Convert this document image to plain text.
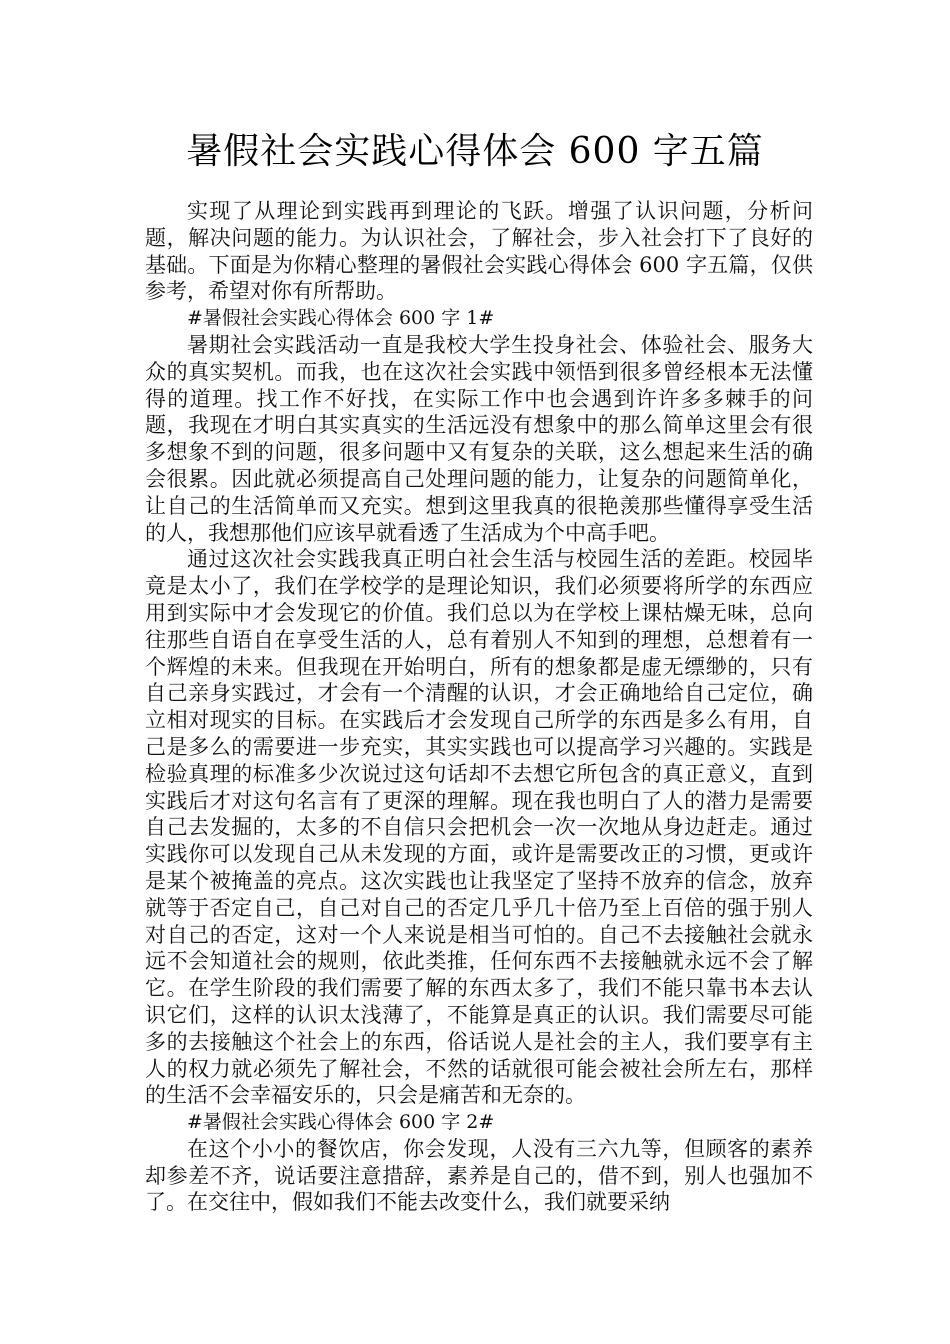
暑假社会实践心得体会 600 字五篇

实现了从理论到实践再到理论的飞跃。增强了认识问题，分析问题，解决问题的能力。为认识社会，了解社会，步入社会打下了良好的基础。下面是为你精心整理的暑假社会实践心得体会 600 字五篇，仅供参考，希望对你有所帮助。

#暑假社会实践心得体会 600 字 1#

暑期社会实践活动一直是我校大学生投身社会、体验社会、服务大众的真实契机。而我，也在这次社会实践中领悟到很多曾经根本无法懂得的道理。找工作不好找，在实际工作中也会遇到许许多多棘手的问题，我现在才明白其实真实的生活远没有想象中的那么简单这里会有很多想象不到的问题，很多问题中又有复杂的关联，这么想起来生活的确会很累。因此就必须提高自己处理问题的能力，让复杂的问题简单化，让自己的生活简单而又充实。想到这里我真的很艳羡那些懂得享受生活的人，我想那他们应该早就看透了生活成为个中高手吧。

通过这次社会实践我真正明白社会生活与校园生活的差距。校园毕竟是太小了，我们在学校学的是理论知识，我们必须要将所学的东西应用到实际中才会发现它的价值。我们总以为在学校上课枯燥无味，总向往那些自语自在享受生活的人，总有着别人不知到的理想，总想着有一个辉煌的未来。但我现在开始明白，所有的想象都是虚无缥缈的，只有自己亲身实践过，才会有一个清醒的认识，才会正确地给自己定位，确立相对现实的目标。在实践后才会发现自己所学的东西是多么有用，自己是多么的需要进一步充实，其实实践也可以提高学习兴趣的。实践是检验真理的标准多少次说过这句话却不去想它所包含的真正意义，直到实践后才对这句名言有了更深的理解。现在我也明白了人的潜力是需要自己去发掘的，太多的不自信只会把机会一次一次地从身边赶走。通过实践你可以发现自己从未发现的方面，或许是需要改正的习惯，更或许是某个被掩盖的亮点。这次实践也让我坚定了坚持不放弃的信念，放弃就等于否定自己，自己对自己的否定几乎几十倍乃至上百倍的强于别人对自己的否定，这对一个人来说是相当可怕的。自己不去接触社会就永远不会知道社会的规则，依此类推，任何东西不去接触就永远不会了解它。在学生阶段的我们需要了解的东西太多了，我们不能只靠书本去认识它们，这样的认识太浅薄了，不能算是真正的认识。我们需要尽可能多的去接触这个社会上的东西，俗话说人是社会的主人，我们要享有主人的权力就必须先了解社会，不然的话就很可能会被社会所左右，那样的生活不会幸福安乐的，只会是痛苦和无奈的。

#暑假社会实践心得体会 600 字 2#

在这个小小的餐饮店，你会发现，人没有三六九等，但顾客的素养却参差不齐，说话要注意措辞，素养是自己的，借不到，别人也强加不了。在交往中，假如我们不能去改变什么，我们就要采纳
